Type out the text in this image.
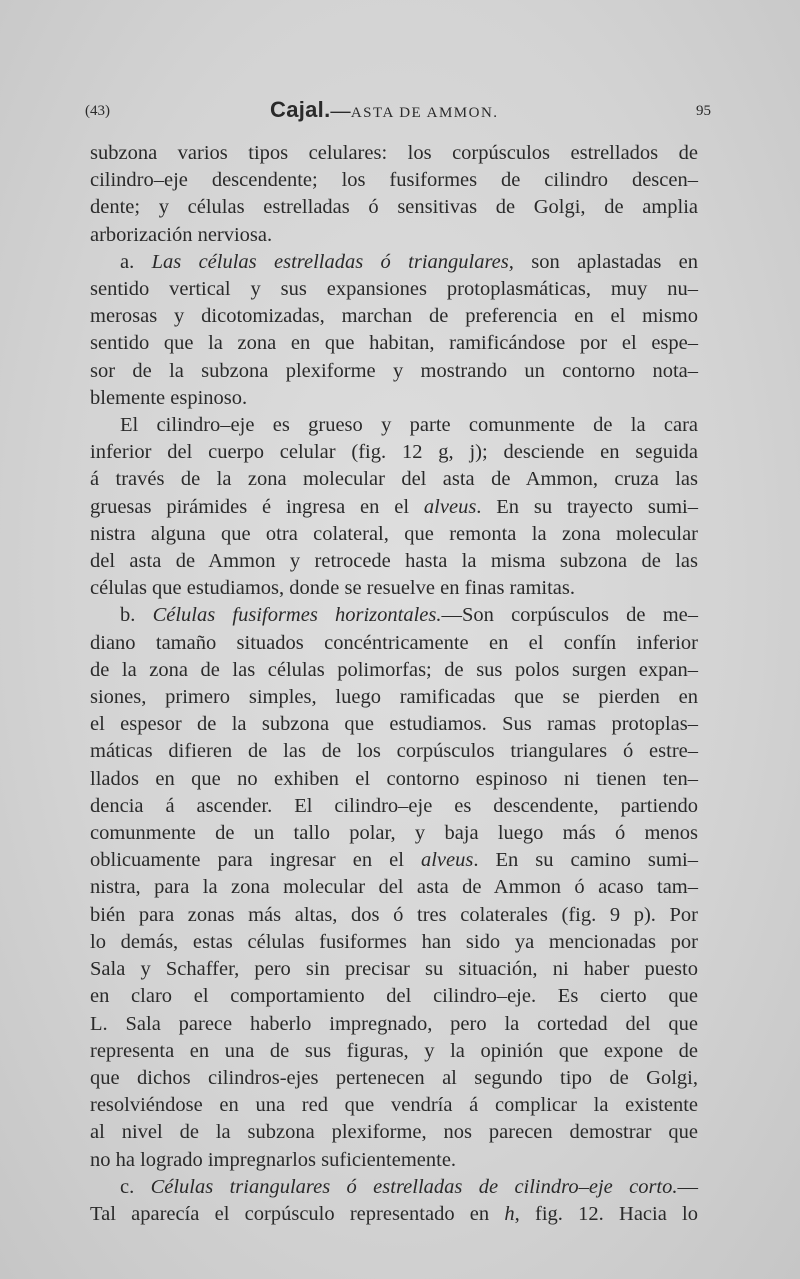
(43)	Cajal.—ASTA DE AMMON.	95

subzona varios tipos celulares: los corpúsculos estrellados de

cilindro–eje descendente; los fusiformes de cilindro descen–

dente; y células estrelladas ó sensitivas de Golgi, de amplia

arborización nerviosa.

a. Las células estrelladas ó triangulares, son aplastadas en

sentido vertical y sus expansiones protoplasmáticas, muy nu–

merosas y dicotomizadas, marchan de preferencia en el mismo

sentido que la zona en que habitan, ramificándose por el espe–

sor de la subzona plexiforme y mostrando un contorno nota–

blemente espinoso.

El cilindro–eje es grueso y parte comunmente de la cara

inferior del cuerpo celular (fig. 12 g, j); desciende en seguida

á través de la zona molecular del asta de Ammon, cruza las

gruesas pirámides é ingresa en el alveus. En su trayecto sumi–

nistra alguna que otra colateral, que remonta la zona molecular

del asta de Ammon y retrocede hasta la misma subzona de las

células que estudiamos, donde se resuelve en finas ramitas.

b. Células fusiformes horizontales.—Son corpúsculos de me–

diano tamaño situados concéntricamente en el confín inferior

de la zona de las células polimorfas; de sus polos surgen expan–

siones, primero simples, luego ramificadas que se pierden en

el espesor de la subzona que estudiamos. Sus ramas protoplas–

máticas difieren de las de los corpúsculos triangulares ó estre–

llados en que no exhiben el contorno espinoso ni tienen ten–

dencia á ascender. El cilindro–eje es descendente, partiendo

comunmente de un tallo polar, y baja luego más ó menos

oblicuamente para ingresar en el alveus. En su camino sumi–

nistra, para la zona molecular del asta de Ammon ó acaso tam–

bién para zonas más altas, dos ó tres colaterales (fig. 9 p). Por

lo demás, estas células fusiformes han sido ya mencionadas por

Sala y Schaffer, pero sin precisar su situación, ni haber puesto

en claro el comportamiento del cilindro–eje. Es cierto que

L. Sala parece haberlo impregnado, pero la cortedad del que

representa en una de sus figuras, y la opinión que expone de

que dichos cilindros-ejes pertenecen al segundo tipo de Golgi,

resolviéndose en una red que vendría á complicar la existente

al nivel de la subzona plexiforme, nos parecen demostrar que

no ha logrado impregnarlos suficientemente.

c. Células triangulares ó estrelladas de cilindro–eje corto.—

Tal aparecía el corpúsculo representado en h, fig. 12. Hacia lo
